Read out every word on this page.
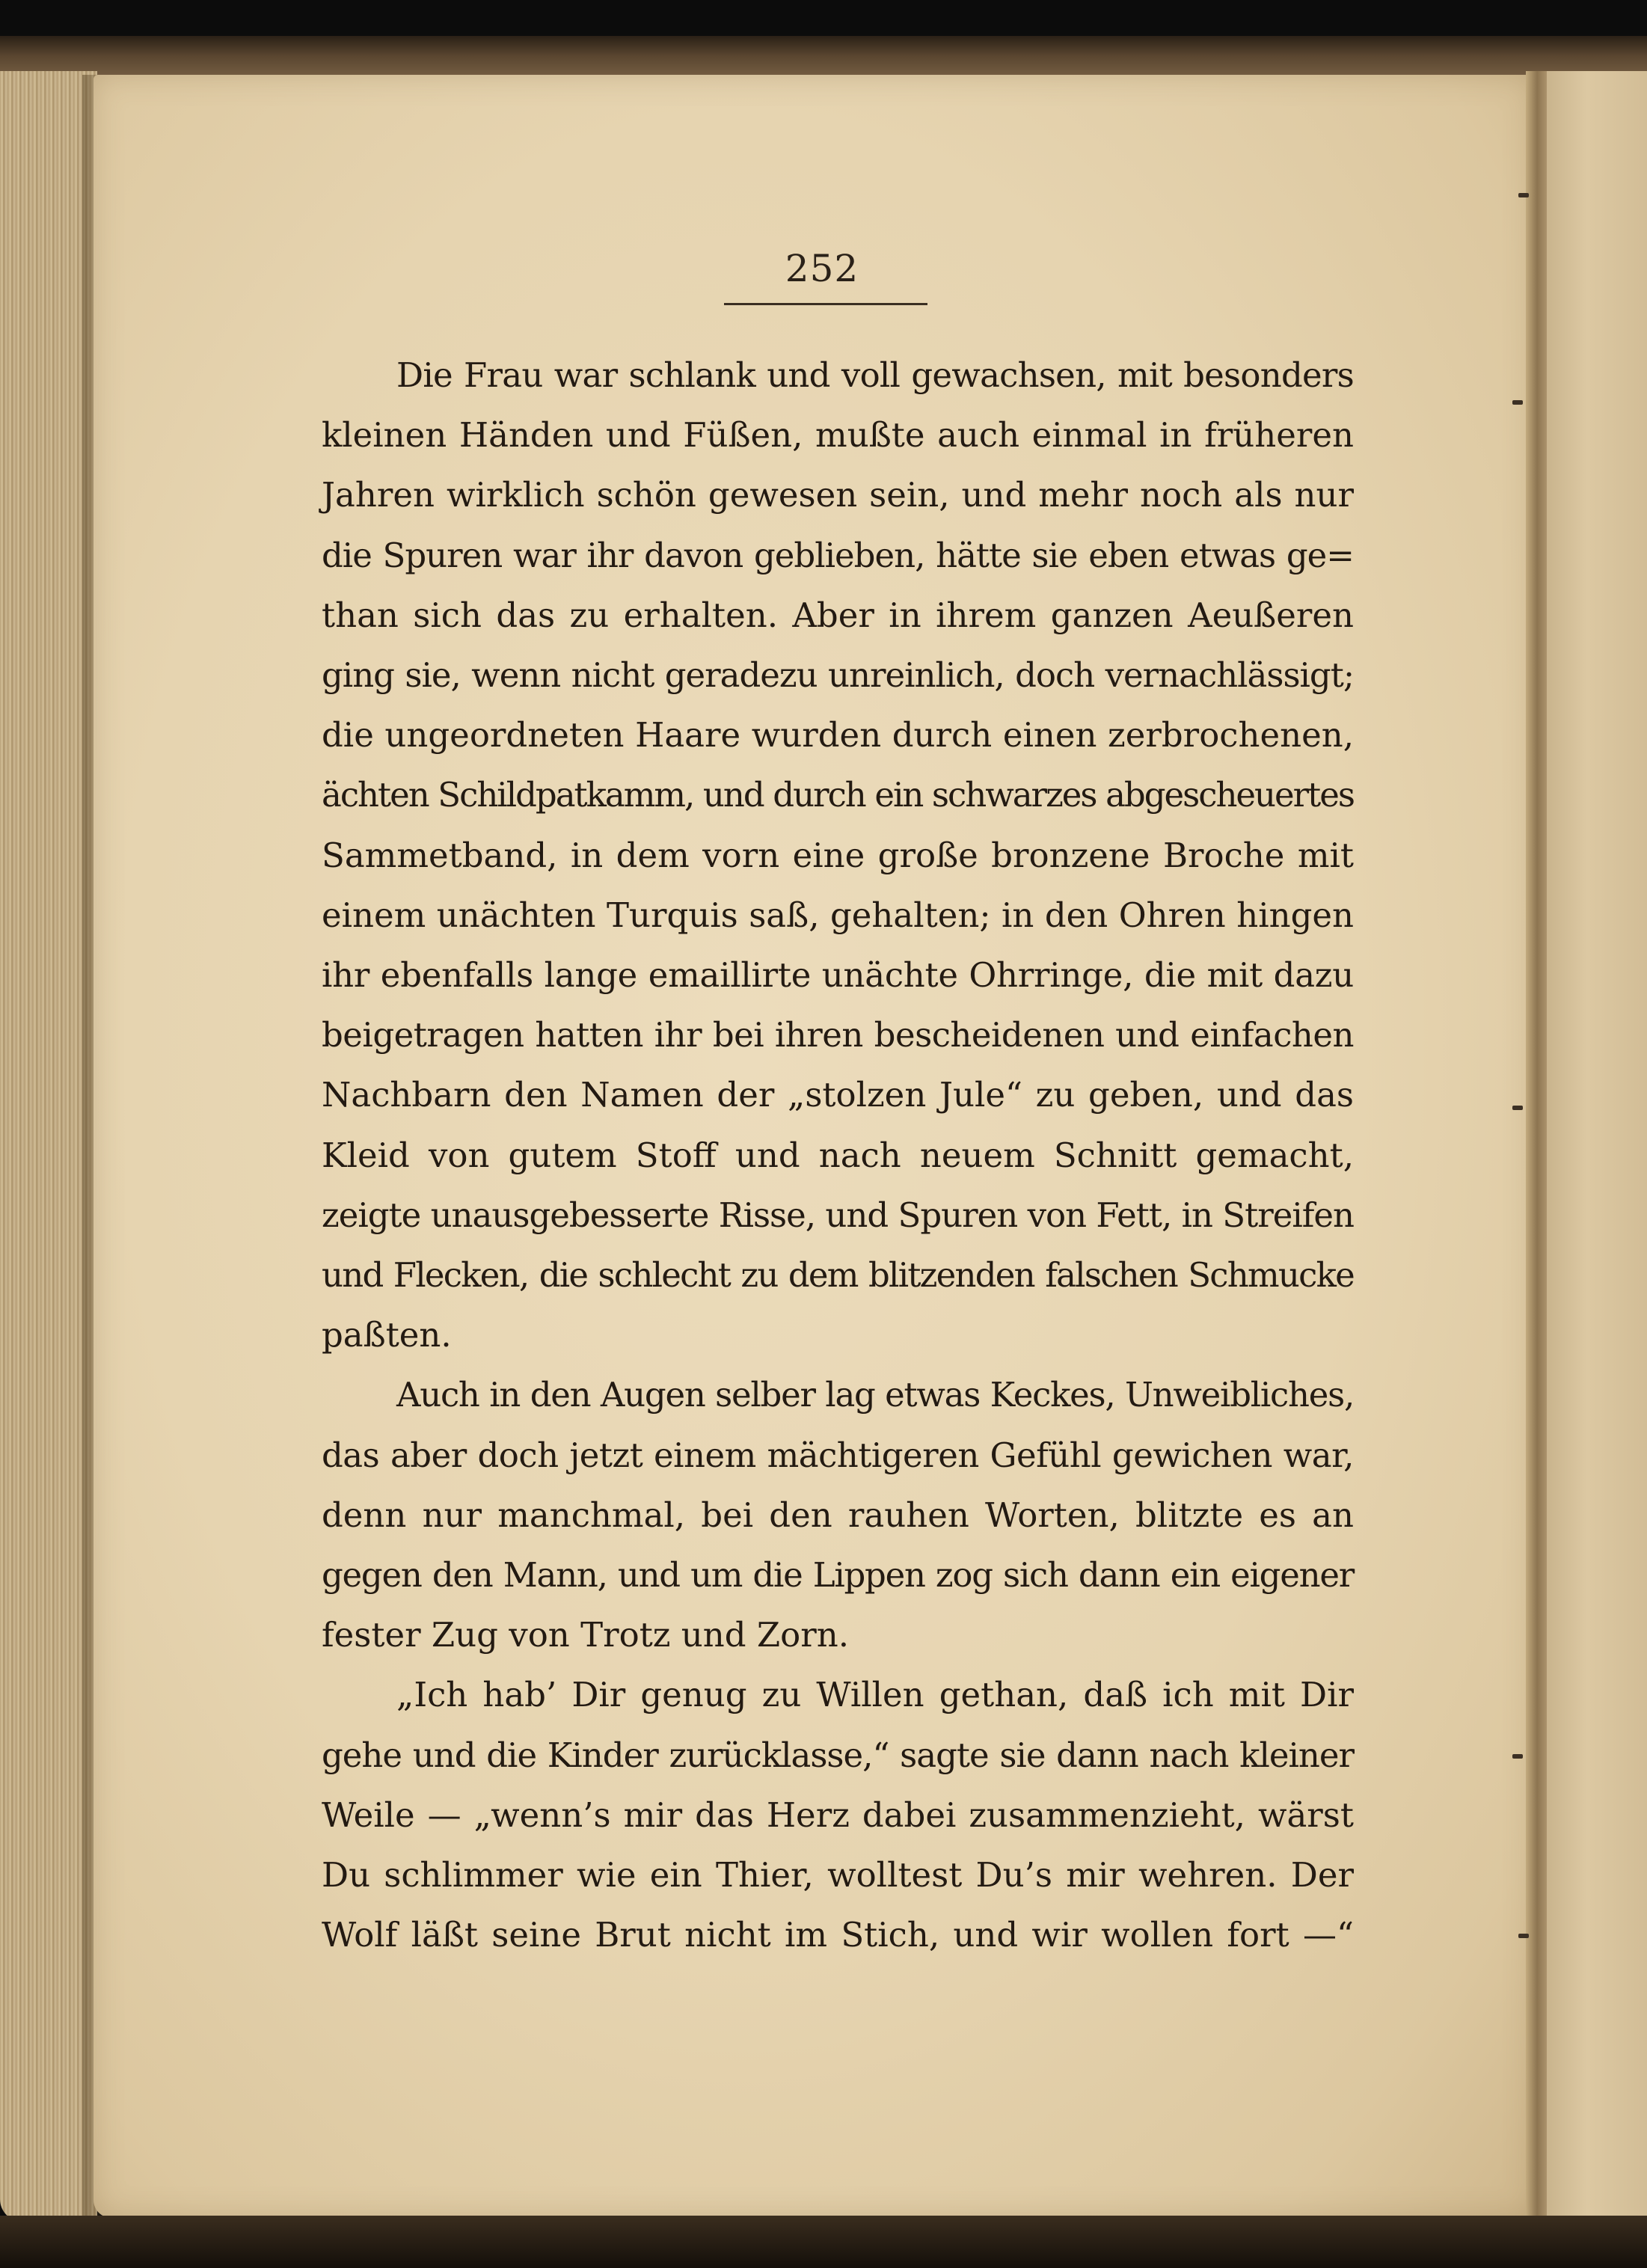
252

Die Frau war schlank und voll gewachsen, mit besonders
kleinen Händen und Füßen, mußte auch einmal in früheren
Jahren wirklich schön gewesen sein, und mehr noch als nur
die Spuren war ihr davon geblieben, hätte sie eben etwas ge=
than sich das zu erhalten. Aber in ihrem ganzen Aeußeren
ging sie, wenn nicht geradezu unreinlich, doch vernachlässigt;
die ungeordneten Haare wurden durch einen zerbrochenen,
ächten Schildpatkamm, und durch ein schwarzes abgescheuertes
Sammetband, in dem vorn eine große bronzene Broche mit
einem unächten Turquis saß, gehalten; in den Ohren hingen
ihr ebenfalls lange emaillirte unächte Ohrringe, die mit dazu
beigetragen hatten ihr bei ihren bescheidenen und einfachen
Nachbarn den Namen der „stolzen Jule“ zu geben, und das
Kleid von gutem Stoff und nach neuem Schnitt gemacht,
zeigte unausgebesserte Risse, und Spuren von Fett, in Streifen
und Flecken, die schlecht zu dem blitzenden falschen Schmucke
paßten.

Auch in den Augen selber lag etwas Keckes, Unweibliches,
das aber doch jetzt einem mächtigeren Gefühl gewichen war,
denn nur manchmal, bei den rauhen Worten, blitzte es an
gegen den Mann, und um die Lippen zog sich dann ein eigener
fester Zug von Trotz und Zorn.

„Ich hab’ Dir genug zu Willen gethan, daß ich mit Dir
gehe und die Kinder zurücklasse,“ sagte sie dann nach kleiner
Weile — „wenn’s mir das Herz dabei zusammenzieht, wärst
Du schlimmer wie ein Thier, wolltest Du’s mir wehren. Der
Wolf läßt seine Brut nicht im Stich, und wir wollen fort —“
